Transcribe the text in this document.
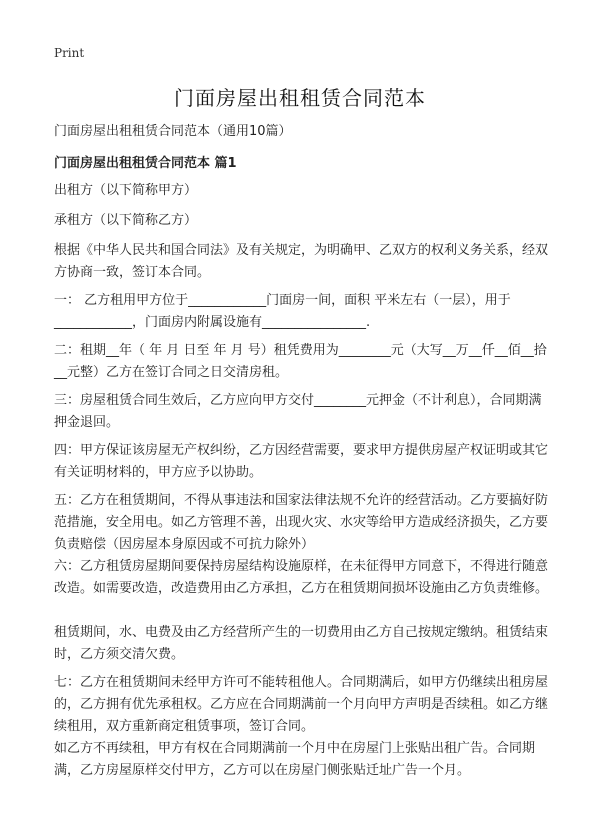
Print
门面房屋出租租赁合同范本
门面房屋出租租赁合同范本（通用10篇）
门面房屋出租租赁合同范本 篇1
出租方（以下简称甲方）
承租方（以下简称乙方）
根据《中华人民共和国合同法》及有关规定，为明确甲、乙双方的权利义务关系，经双方协商一致，签订本合同。
一： 乙方租用甲方位于____________门面房一间，面积 平米左右（一层），用于____________，门面房内附属设施有________________.
二：租期__年（ 年 月 日至 年 月 号）租凭费用为________元（大写__万__仟__佰__拾__元整）乙方在签订合同之日交清房租。
三：房屋租赁合同生效后，乙方应向甲方交付________元押金（不计利息），合同期满押金退回。
四：甲方保证该房屋无产权纠纷，乙方因经营需要，要求甲方提供房屋产权证明或其它有关证明材料的，甲方应予以协助。
五：乙方在租赁期间，不得从事违法和国家法律法规不允许的经营活动。乙方要搞好防范措施，安全用电。如乙方管理不善，出现火灾、水灾等给甲方造成经济损失，乙方要负责赔偿（因房屋本身原因或不可抗力除外）
六：乙方租赁房屋期间要保持房屋结构设施原样，在未征得甲方同意下，不得进行随意改造。如需要改造，改造费用由乙方承担，乙方在租赁期间损坏设施由乙方负责维修。
租赁期间，水、电费及由乙方经营所产生的一切费用由乙方自己按规定缴纳。租赁结束时，乙方须交清欠费。
七：乙方在租赁期间未经甲方许可不能转租他人。合同期满后，如甲方仍继续出租房屋的，乙方拥有优先承租权。乙方应在合同期满前一个月向甲方声明是否续租。如乙方继续租用，双方重新商定租赁事项，签订合同。
如乙方不再续租，甲方有权在合同期满前一个月中在房屋门上张贴出租广告。合同期满，乙方房屋原样交付甲方，乙方可以在房屋门侧张贴迁址广告一个月。
